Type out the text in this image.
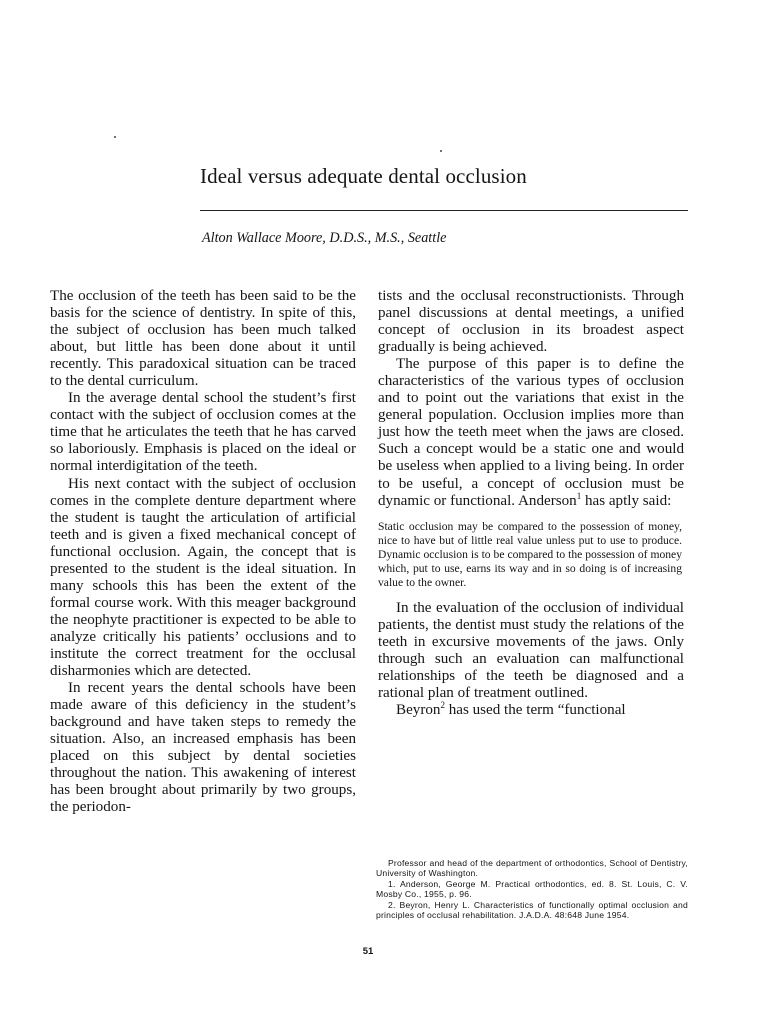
Ideal versus adequate dental occlusion
Alton Wallace Moore, D.D.S., M.S., Seattle

The occlusion of the teeth has been said to be the basis for the science of dentistry. In spite of this, the subject of occlusion has been much talked about, but little has been done about it until recently. This paradoxical situation can be traced to the dental curriculum.

In the average dental school the student’s first contact with the subject of occlusion comes at the time that he articulates the teeth that he has carved so laboriously. Emphasis is placed on the ideal or normal interdigitation of the teeth.

His next contact with the subject of occlusion comes in the complete denture department where the student is taught the articulation of artificial teeth and is given a fixed mechanical concept of functional occlusion. Again, the concept that is presented to the student is the ideal situation. In many schools this has been the extent of the formal course work. With this meager background the neophyte practitioner is expected to be able to analyze critically his patients’ occlusions and to institute the correct treatment for the occlusal disharmonies which are detected.

In recent years the dental schools have been made aware of this deficiency in the student’s background and have taken steps to remedy the situation. Also, an increased emphasis has been placed on this subject by dental societies throughout the nation. This awakening of interest has been brought about primarily by two groups, the periodon-

tists and the occlusal reconstructionists. Through panel discussions at dental meetings, a unified concept of occlusion in its broadest aspect gradually is being achieved.

The purpose of this paper is to define the characteristics of the various types of occlusion and to point out the variations that exist in the general population. Occlusion implies more than just how the teeth meet when the jaws are closed. Such a concept would be a static one and would be useless when applied to a living being. In order to be useful, a concept of occlusion must be dynamic or functional. Anderson$^1$ has aptly said:

Static occlusion may be compared to the possession of money, nice to have but of little real value unless put to use to produce. Dynamic occlusion is to be compared to the possession of money which, put to use, earns its way and in so doing is of increasing value to the owner.

In the evaluation of the occlusion of individual patients, the dentist must study the relations of the teeth in excursive movements of the jaws. Only through such an evaluation can malfunctional relationships of the teeth be diagnosed and a rational plan of treatment outlined.

Beyron$^2$ has used the term “functional

Professor and head of the department of orthodontics, School of Dentistry, University of Washington.

1. Anderson, George M. Practical orthodontics, ed. 8. St. Louis, C. V. Mosby Co., 1955, p. 96.

2. Beyron, Henry L. Characteristics of functionally optimal occlusion and principles of occlusal rehabilitation. J.A.D.A. 48:648 June 1954.

51
